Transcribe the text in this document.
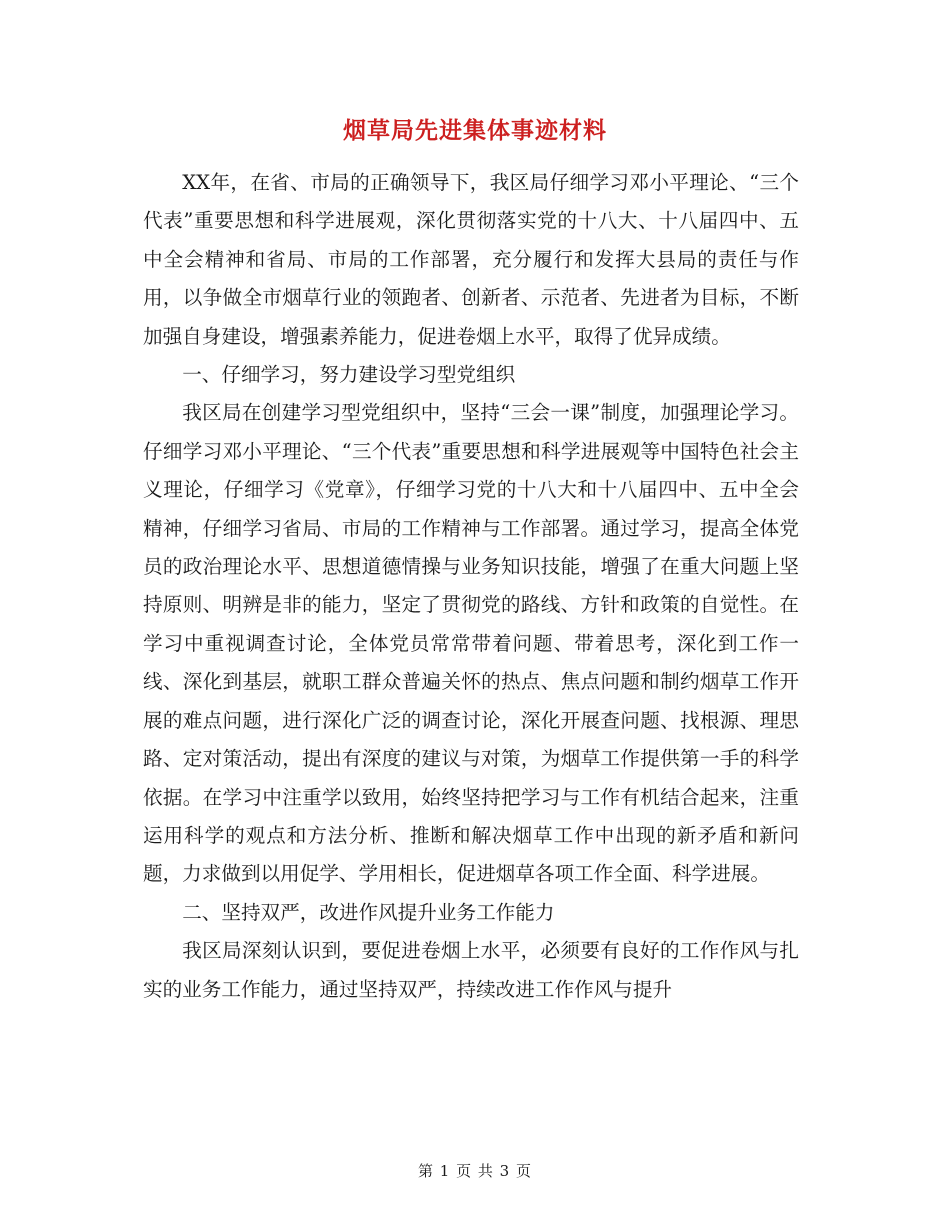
烟草局先进集体事迹材料

XX年，在省、市局的正确领导下，我区局仔细学习邓小平理论、“三个代表”重要思想和科学进展观，深化贯彻落实党的十八大、十八届四中、五中全会精神和省局、市局的工作部署，充分履行和发挥大县局的责任与作用，以争做全市烟草行业的领跑者、创新者、示范者、先进者为目标，不断加强自身建设，增强素养能力，促进卷烟上水平，取得了优异成绩。

一、仔细学习，努力建设学习型党组织

我区局在创建学习型党组织中，坚持“三会一课”制度，加强理论学习。仔细学习邓小平理论、“三个代表”重要思想和科学进展观等中国特色社会主义理论，仔细学习《党章》，仔细学习党的十八大和十八届四中、五中全会精神，仔细学习省局、市局的工作精神与工作部署。通过学习，提高全体党员的政治理论水平、思想道德情操与业务知识技能，增强了在重大问题上坚持原则、明辨是非的能力，坚定了贯彻党的路线、方针和政策的自觉性。在学习中重视调查讨论，全体党员常常带着问题、带着思考，深化到工作一线、深化到基层，就职工群众普遍关怀的热点、焦点问题和制约烟草工作开展的难点问题，进行深化广泛的调查讨论，深化开展查问题、找根源、理思路、定对策活动，提出有深度的建议与对策，为烟草工作提供第一手的科学依据。在学习中注重学以致用，始终坚持把学习与工作有机结合起来，注重运用科学的观点和方法分析、推断和解决烟草工作中出现的新矛盾和新问题，力求做到以用促学、学用相长，促进烟草各项工作全面、科学进展。

二、坚持双严，改进作风提升业务工作能力

我区局深刻认识到，要促进卷烟上水平，必须要有良好的工作作风与扎实的业务工作能力，通过坚持双严，持续改进工作作风与提升

第 1 页 共 3 页
